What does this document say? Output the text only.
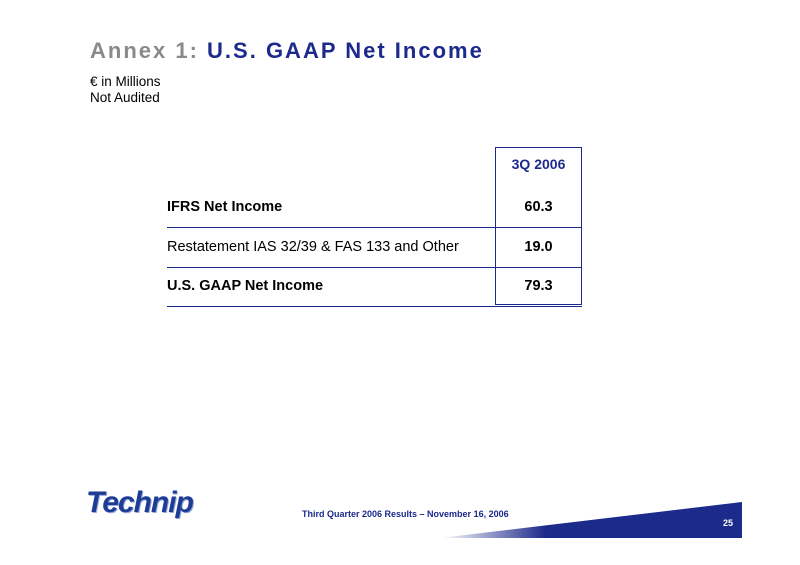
Annex 1: U.S. GAAP Net Income
€ in Millions
Not Audited
3Q 2006
IFRS Net Income	60.3
Restatement IAS 32/39 & FAS 133 and Other	19.0
U.S. GAAP Net Income	79.3
Technip	Third Quarter 2006 Results – November 16, 2006
25
